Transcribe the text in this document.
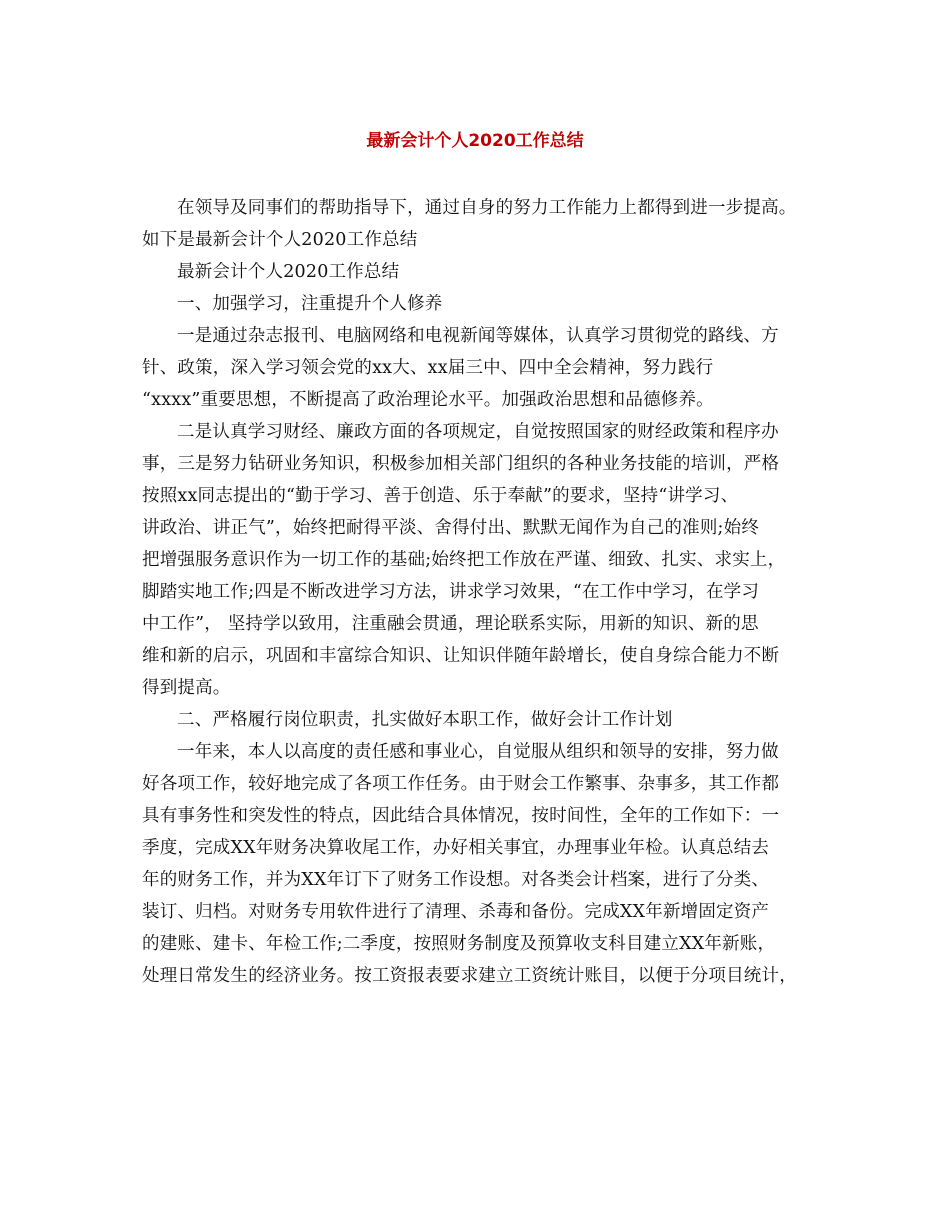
最新会计个人2020工作总结
在领导及同事们的帮助指导下，通过自身的努力工作能力上都得到进一步提高。
如下是最新会计个人2020工作总结
最新会计个人2020工作总结
一、加强学习，注重提升个人修养
一是通过杂志报刊、电脑网络和电视新闻等媒体，认真学习贯彻党的路线、方
针、政策，深入学习领会党的xx大、xx届三中、四中全会精神，努力践行
“xxxx”重要思想，不断提高了政治理论水平。加强政治思想和品德修养。
二是认真学习财经、廉政方面的各项规定，自觉按照国家的财经政策和程序办
事，三是努力钻研业务知识，积极参加相关部门组织的各种业务技能的培训，严格
按照xx同志提出的“勤于学习、善于创造、乐于奉献”的要求，坚持“讲学习、
讲政治、讲正气”，始终把耐得平淡、舍得付出、默默无闻作为自己的准则;始终
把增强服务意识作为一切工作的基础;始终把工作放在严谨、细致、扎实、求实上，
脚踏实地工作;四是不断改进学习方法，讲求学习效果，“在工作中学习，在学习
中工作”， 坚持学以致用，注重融会贯通，理论联系实际，用新的知识、新的思
维和新的启示，巩固和丰富综合知识、让知识伴随年龄增长，使自身综合能力不断
得到提高。
二、严格履行岗位职责，扎实做好本职工作，做好会计工作计划
一年来，本人以高度的责任感和事业心，自觉服从组织和领导的安排，努力做
好各项工作，较好地完成了各项工作任务。由于财会工作繁事、杂事多，其工作都
具有事务性和突发性的特点，因此结合具体情况，按时间性，全年的工作如下：一
季度，完成XX年财务决算收尾工作，办好相关事宜，办理事业年检。认真总结去
年的财务工作，并为XX年订下了财务工作设想。对各类会计档案，进行了分类、
装订、归档。对财务专用软件进行了清理、杀毒和备份。完成XX年新增固定资产
的建账、建卡、年检工作;二季度，按照财务制度及预算收支科目建立XX年新账，
处理日常发生的经济业务。按工资报表要求建立工资统计账目，以便于分项目统计，
